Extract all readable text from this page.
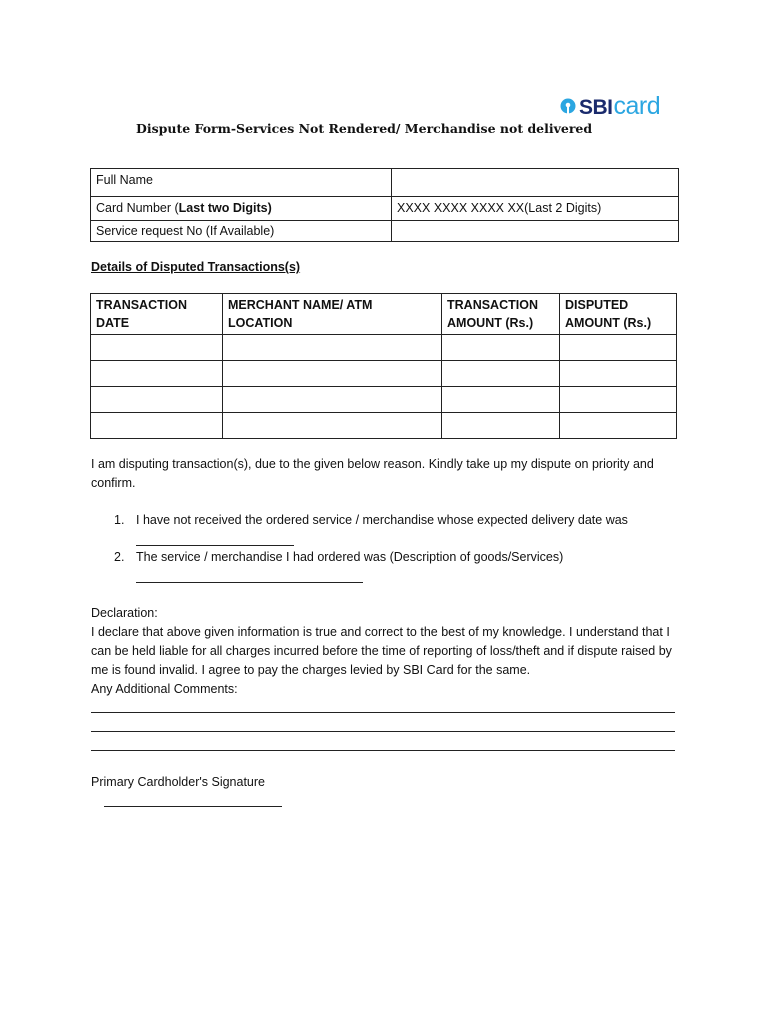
SBI card
Dispute Form-Services Not Rendered/ Merchandise not delivered
Full Name	
Card Number (Last two Digits)	XXXX XXXX XXXX XX(Last 2 Digits)
Service request No (If Available)	
Details of Disputed Transactions(s)
TRANSACTION DATE	MERCHANT NAME/ ATM LOCATION	TRANSACTION AMOUNT (Rs.)	DISPUTED AMOUNT (Rs.)

I am disputing transaction(s), due to the given below reason. Kindly take up my dispute on priority and confirm.
1. I have not received the ordered service / merchandise whose expected delivery date was
2. The service / merchandise I had ordered was (Description of goods/Services)
Declaration:
I declare that above given information is true and correct to the best of my knowledge. I understand that I can be held liable for all charges incurred before the time of reporting of loss/theft and if dispute raised by me is found invalid. I agree to pay the charges levied by SBI Card for the same.
Any Additional Comments:
Primary Cardholder's Signature
